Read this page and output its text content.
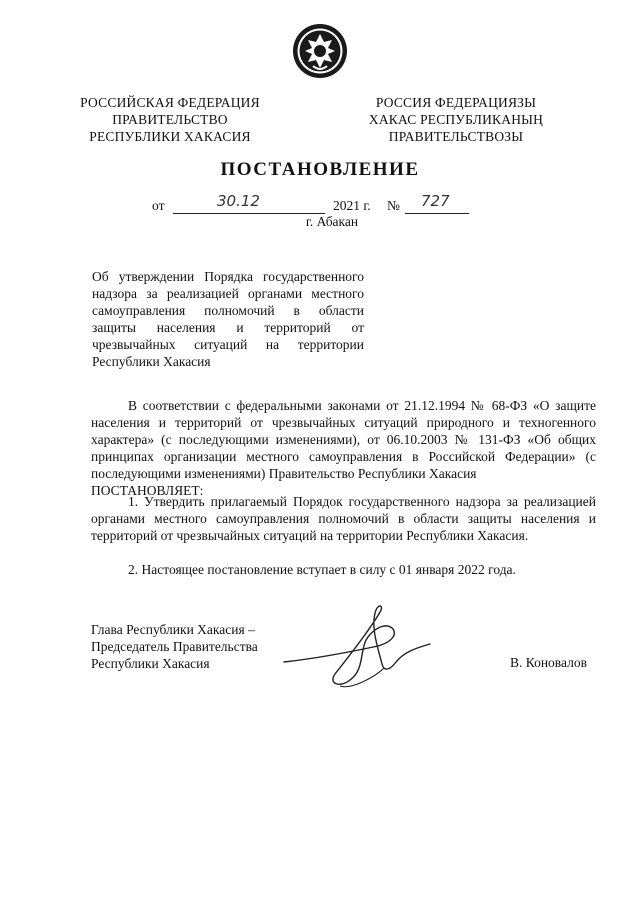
РОССИЙСКАЯ ФЕДЕРАЦИЯ
ПРАВИТЕЛЬСТВО
РЕСПУБЛИКИ ХАКАСИЯ
РОССИЯ ФЕДЕРАЦИЯЗЫ
ХАКАС РЕСПУБЛИКАНЫҢ
ПРАВИТЕЛЬСТВОЗЫ
ПОСТАНОВЛЕНИЕ
от	30.12	2021 г. № 727
г. Абакан
Об утверждении Порядка государственного надзора за реализацией органами местного самоуправления полномочий в области защиты населения и территорий от чрезвычайных ситуаций на территории Республики Хакасия
В соответствии с федеральными законами от 21.12.1994 № 68-ФЗ «О защите населения и территорий от чрезвычайных ситуаций природного и техногенного характера» (с последующими изменениями), от 06.10.2003 № 131-ФЗ «Об общих принципах организации местного самоуправления в Российской Федерации» (с последующими изменениями) Правительство Республики Хакасия
ПОСТАНОВЛЯЕТ:
1. Утвердить прилагаемый Порядок государственного надзора за реализацией органами местного самоуправления полномочий в области защиты населения и территорий от чрезвычайных ситуаций на территории Республики Хакасия.
2. Настоящее постановление вступает в силу с 01 января 2022 года.
Глава Республики Хакасия –
Председатель Правительства
Республики Хакасия	В. Коновалов
